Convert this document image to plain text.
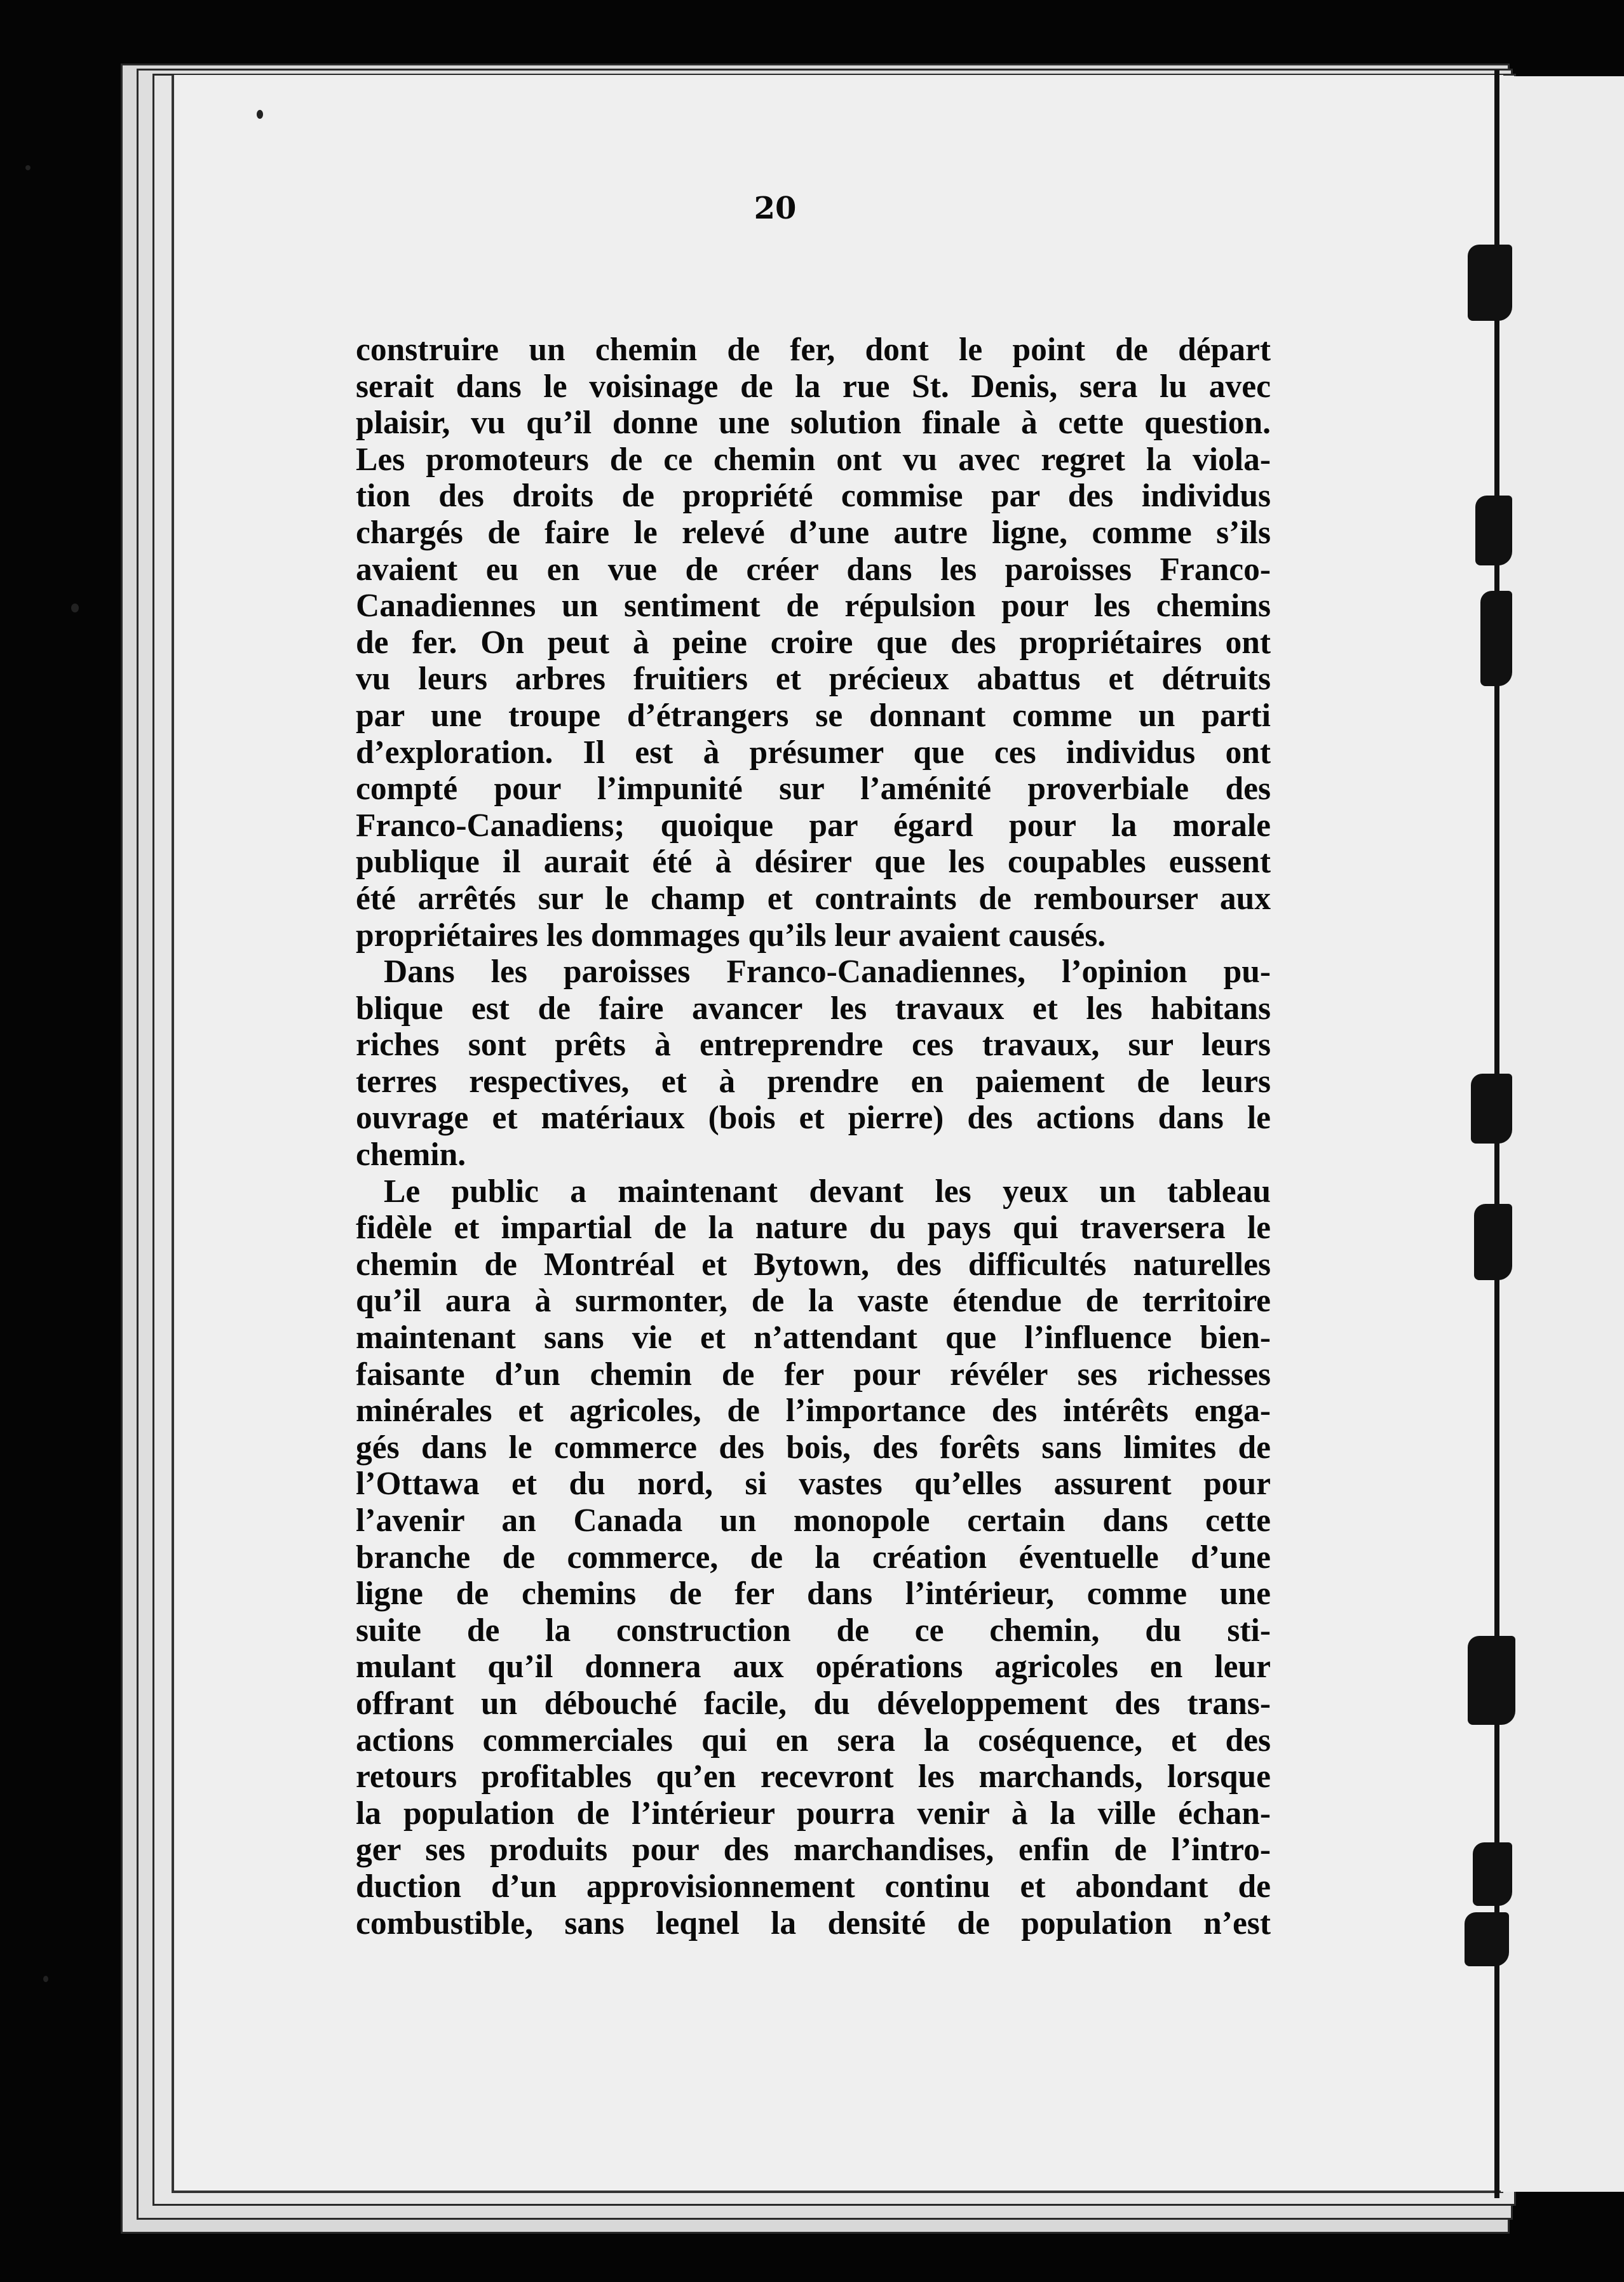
20
construire un chemin de fer, dont le point de départ
serait dans le voisinage de la rue St. Denis, sera lu avec
plaisir, vu qu’il donne une solution finale à cette question.
Les promoteurs de ce chemin ont vu avec regret la viola-
tion des droits de propriété commise par des individus
chargés de faire le relevé d’une autre ligne, comme s’ils
avaient eu en vue de créer dans les paroisses Franco-
Canadiennes un sentiment de répulsion pour les chemins
de fer. On peut à peine croire que des propriétaires ont
vu leurs arbres fruitiers et précieux abattus et détruits
par une troupe d’étrangers se donnant comme un parti
d’exploration. Il est à présumer que ces individus ont
compté pour l’impunité sur l’aménité proverbiale des
Franco-Canadiens; quoique par égard pour la morale
publique il aurait été à désirer que les coupables eussent
été arrêtés sur le champ et contraints de rembourser aux
propriétaires les dommages qu’ils leur avaient causés.
Dans les paroisses Franco-Canadiennes, l’opinion pu-
blique est de faire avancer les travaux et les habitans
riches sont prêts à entreprendre ces travaux, sur leurs
terres respectives, et à prendre en paiement de leurs
ouvrage et matériaux (bois et pierre) des actions dans le
chemin.
Le public a maintenant devant les yeux un tableau
fidèle et impartial de la nature du pays qui traversera le
chemin de Montréal et Bytown, des difficultés naturelles
qu’il aura à surmonter, de la vaste étendue de territoire
maintenant sans vie et n’attendant que l’influence bien-
faisante d’un chemin de fer pour révéler ses richesses
minérales et agricoles, de l’importance des intérêts enga-
gés dans le commerce des bois, des forêts sans limites de
l’Ottawa et du nord, si vastes qu’elles assurent pour
l’avenir an Canada un monopole certain dans cette
branche de commerce, de la création éventuelle d’une
ligne de chemins de fer dans l’intérieur, comme une
suite de la construction de ce chemin, du sti-
mulant qu’il donnera aux opérations agricoles en leur
offrant un débouché facile, du développement des trans-
actions commerciales qui en sera la coséquence, et des
retours profitables qu’en recevront les marchands, lorsque
la population de l’intérieur pourra venir à la ville échan-
ger ses produits pour des marchandises, enfin de l’intro-
duction d’un approvisionnement continu et abondant de
combustible, sans leqnel la densité de population n’est
